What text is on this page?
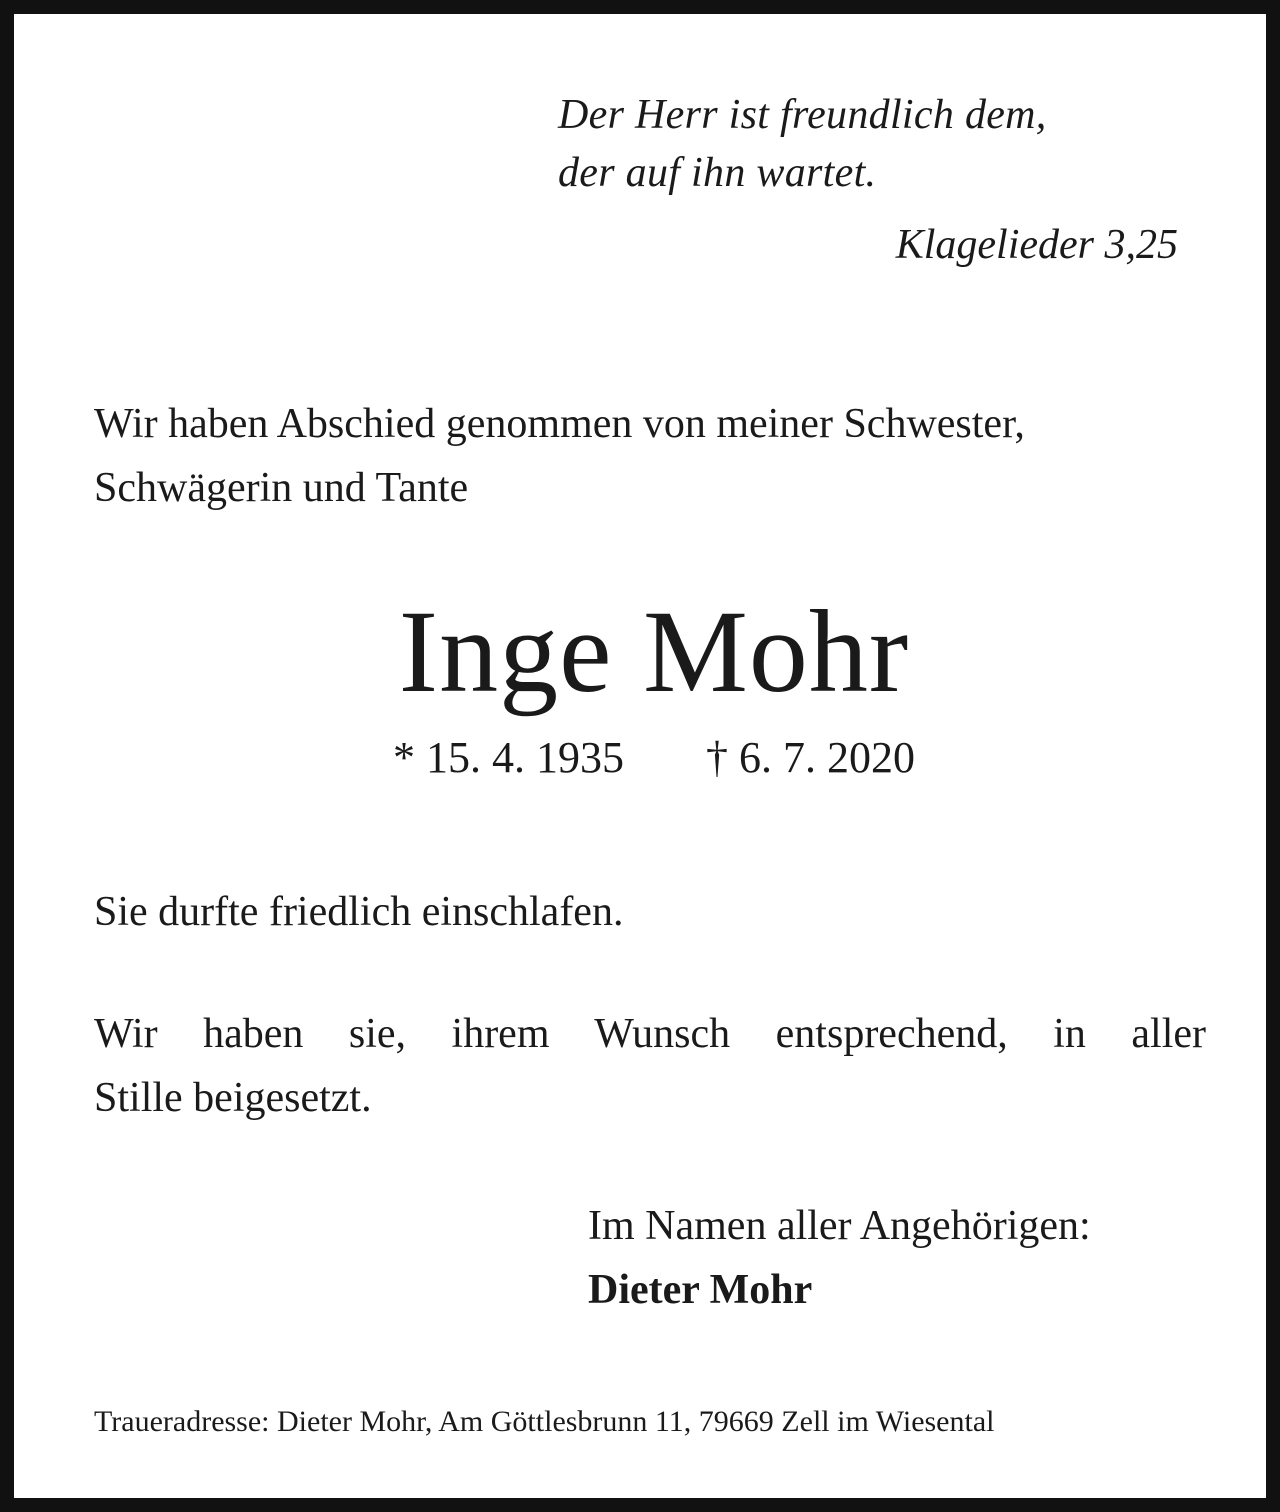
Der Herr ist freundlich dem,
der auf ihn wartet.
Klagelieder 3,25
Wir haben Abschied genommen von meiner Schwester,
Schwägerin und Tante
Inge Mohr
* 15. 4. 1935 † 6. 7. 2020
Sie durfte friedlich einschlafen.
Wir haben sie, ihrem Wunsch entsprechend, in aller
Stille beigesetzt.
Im Namen aller Angehörigen:
Dieter Mohr
Traueradresse: Dieter Mohr, Am Göttlesbrunn 11, 79669 Zell im Wiesental
